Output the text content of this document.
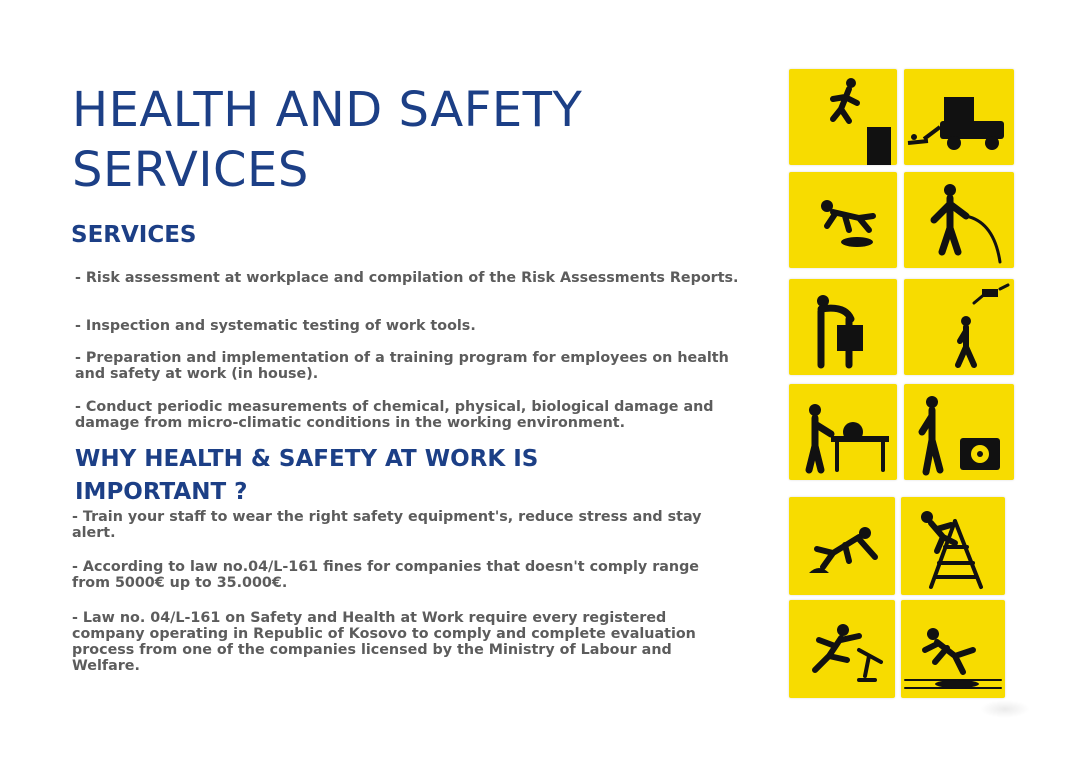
HEALTH AND SAFETY
SERVICES
SERVICES

- Risk assessment at workplace and compilation of the Risk Assessments Reports.

- Inspection and systematic testing of work tools.

- Preparation and implementation of a training program for employees on health and safety at work (in house).

- Conduct periodic measurements of chemical, physical, biological damage and damage from micro-climatic conditions in the working environment.

WHY HEALTH & SAFETY AT WORK IS
IMPORTANT ?

- Train your staff to wear the right safety equipment's, reduce stress and stay alert.

- According to law no.04/L-161 fines for companies that doesn't comply range from 5000€ up to 35.000€.

- Law no. 04/L-161 on Safety and Health at Work require every registered company operating in Republic of Kosovo to comply and complete evaluation process from one of the companies licensed by the Ministry of Labour and Welfare.
